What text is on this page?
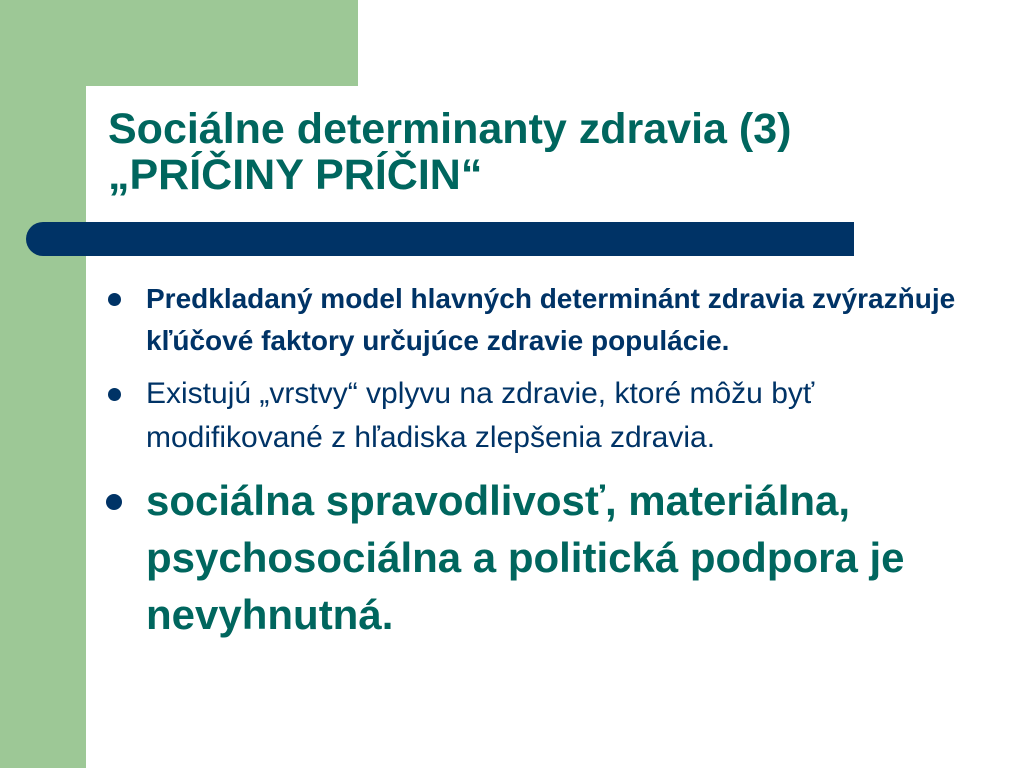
Sociálne determinanty zdravia (3)
„PRÍČINY PRÍČIN“
Predkladaný model hlavných determinánt zdravia zvýrazňuje kľúčové faktory určujúce zdravie populácie.
Existujú „vrstvy“ vplyvu na zdravie, ktoré môžu byť modifikované z hľadiska zlepšenia zdravia.
sociálna spravodlivosť, materiálna, psychosociálna a politická podpora je nevyhnutná.
